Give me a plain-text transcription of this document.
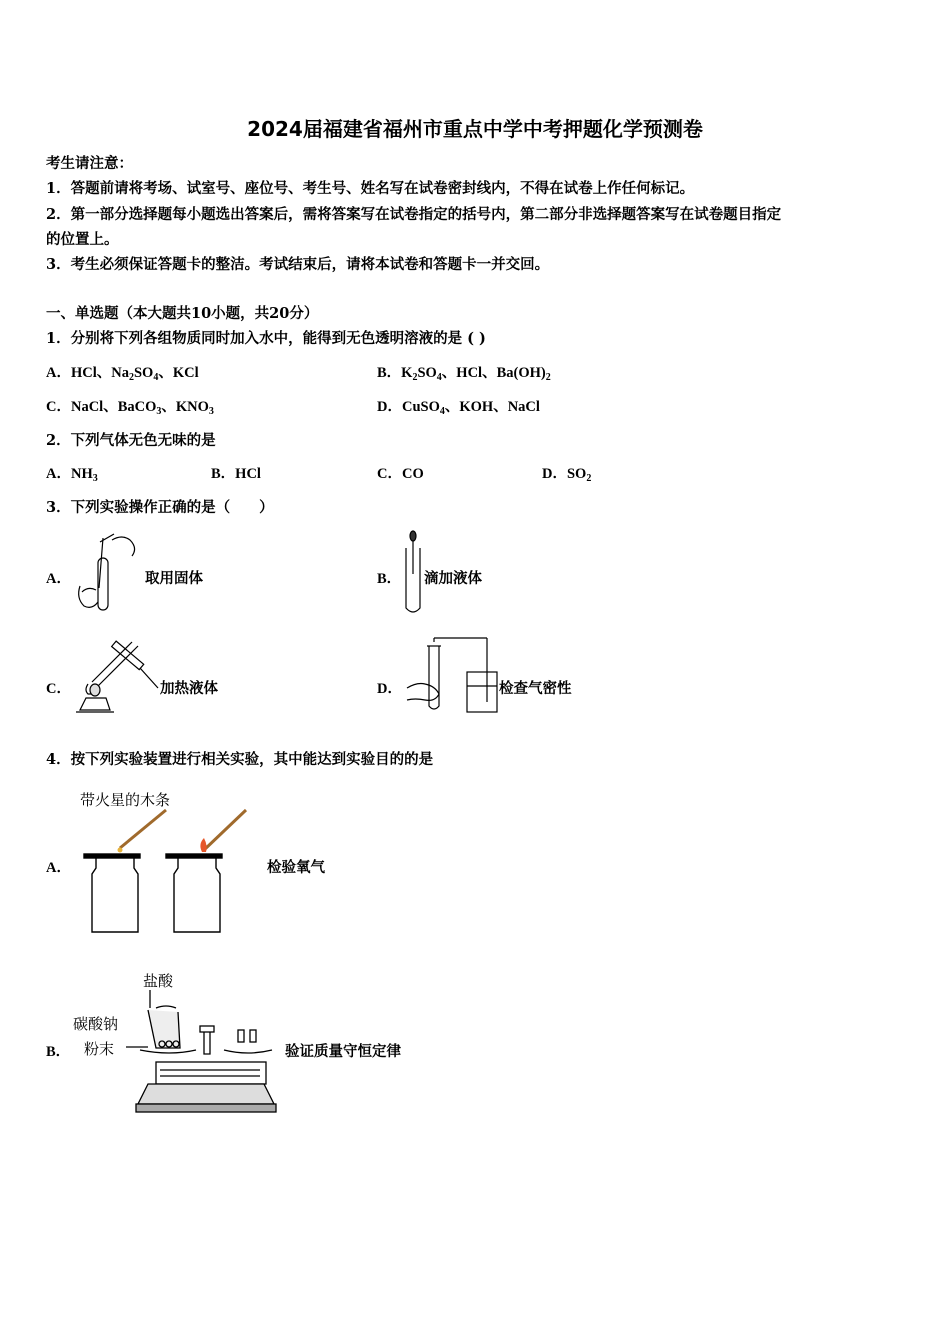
2024届福建省福州市重点中学中考押题化学预测卷
考生请注意：
1．答题前请将考场、试室号、座位号、考生号、姓名写在试卷密封线内，不得在试卷上作任何标记。
2．第一部分选择题每小题选出答案后，需将答案写在试卷指定的括号内，第二部分非选择题答案写在试卷题目指定
的位置上。
3．考生必须保证答题卡的整洁。考试结束后，请将本试卷和答题卡一并交回。
一、单选题（本大题共10小题，共20分）
1．分别将下列各组物质同时加入水中，能得到无色透明溶液的是 ( )
A．HCl、$Na_2SO_4$、KCl	B．$K_2SO_4$、HCl、$Ba(OH)_2$
C．NaCl、BaCO$_3$、$KNO_3$	D．CuSO$_4$、KOH、NaCl
2．下列气体无色无味的是
A．$NH_3$	B．HCl	C．CO	D．$SO_2$
3．下列实验操作正确的是（　　）
A．	取用固体	B． 滴加液体
C．	加热液体	D．	检查气密性
4．按下列实验装置进行相关实验，其中能达到实验目的的是
带火星的木条
A．	检验氧气
盐酸
碳酸钠
粉末
B．	验证质量守恒定律
